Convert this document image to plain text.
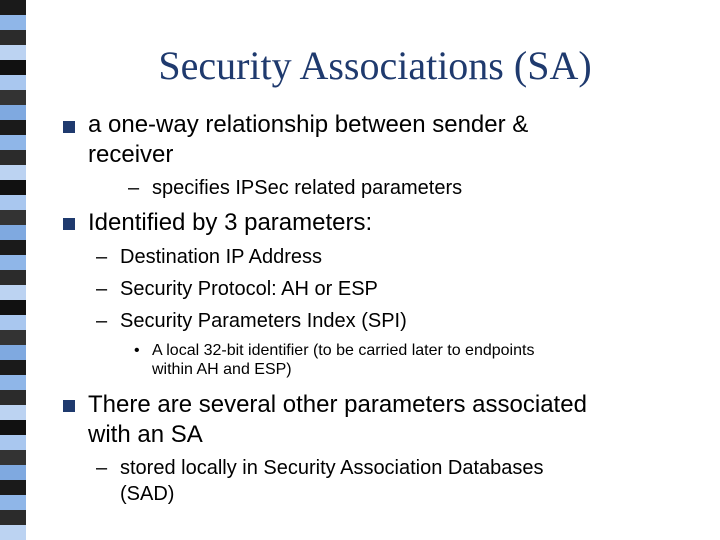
Security Associations (SA)
a one-way relationship between sender &
receiver
– specifies IPSec related parameters
Identified by 3 parameters:
– Destination IP Address
– Security Protocol: AH or ESP
– Security Parameters Index (SPI)
• A local 32-bit identifier (to be carried later to endpoints
within AH and ESP)
There are several other parameters associated
with an SA
– stored locally in Security Association Databases
(SAD)
